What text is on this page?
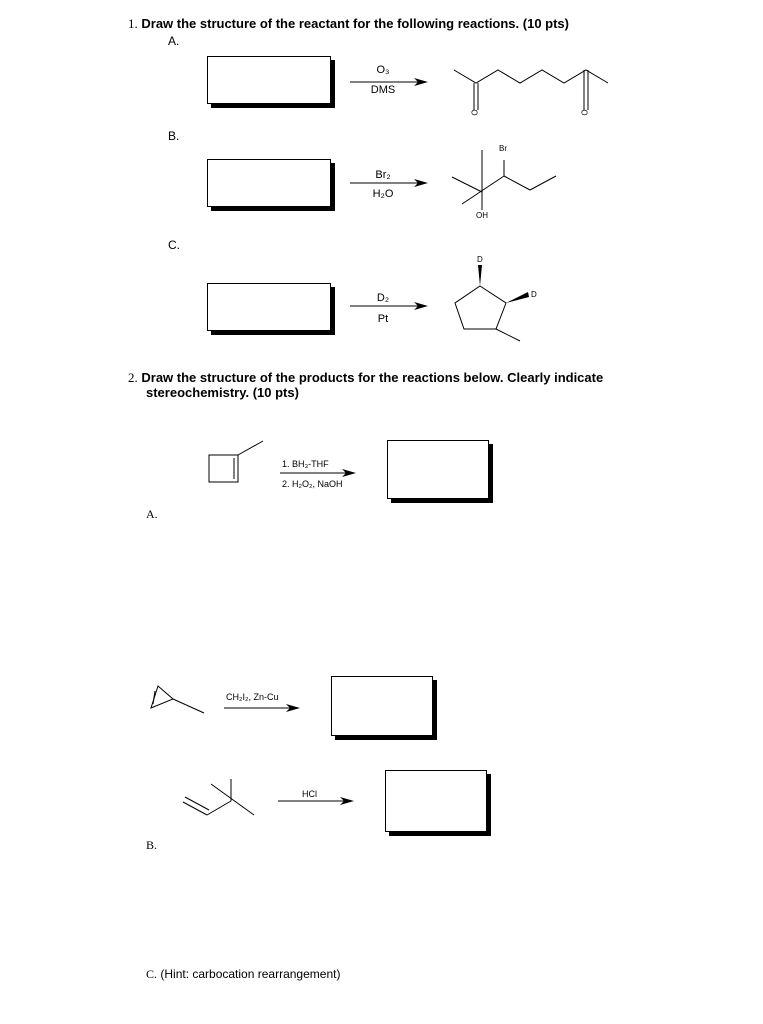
1. Draw the structure of the reactant for the following reactions. (10 pts)
A.
O₃
DMS
O	O
B.
Br₂
H₂O
Br
OH
C.
D₂
Pt
D
D
2. Draw the structure of the products for the reactions below. Clearly indicate
stereochemistry. (10 pts)
1. BH₃-THF
2. H₂O₂, NaOH
A.
CH₂I₂, Zn-Cu
HCl
B.
C. (Hint: carbocation rearrangement)
